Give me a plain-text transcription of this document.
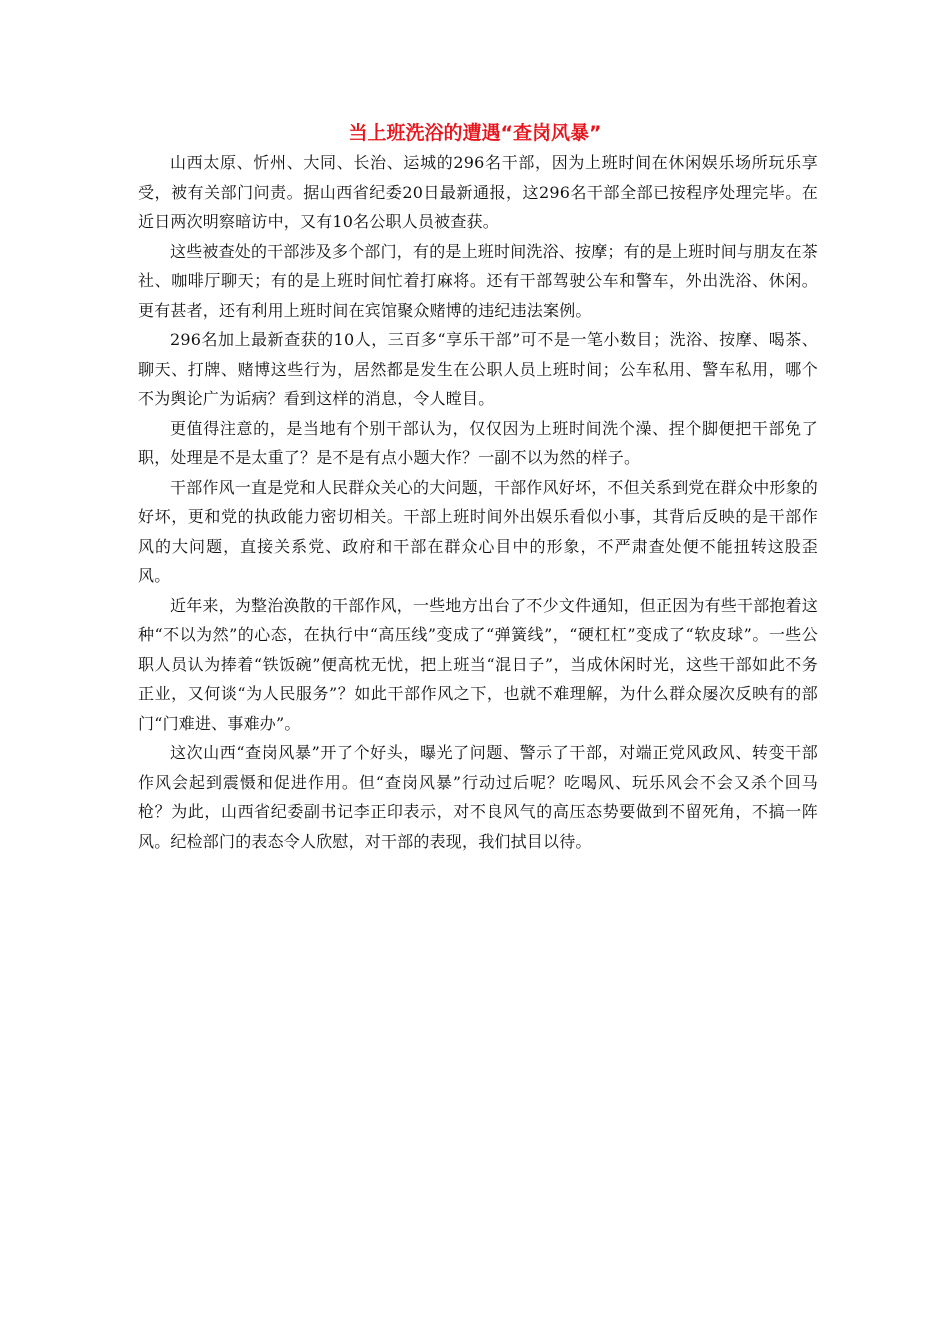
当上班洗浴的遭遇“查岗风暴”

山西太原、忻州、大同、长治、运城的296名干部，因为上班时间在休闲娱乐场所玩乐享受，被有关部门问责。据山西省纪委20日最新通报，这296名干部全部已按程序处理完毕。在近日两次明察暗访中，又有10名公职人员被查获。

这些被查处的干部涉及多个部门，有的是上班时间洗浴、按摩；有的是上班时间与朋友在茶社、咖啡厅聊天；有的是上班时间忙着打麻将。还有干部驾驶公车和警车，外出洗浴、休闲。更有甚者，还有利用上班时间在宾馆聚众赌博的违纪违法案例。

296名加上最新查获的10人，三百多“享乐干部”可不是一笔小数目；洗浴、按摩、喝茶、聊天、打牌、赌博这些行为，居然都是发生在公职人员上班时间；公车私用、警车私用，哪个不为舆论广为诟病？看到这样的消息，令人瞠目。

更值得注意的，是当地有个别干部认为，仅仅因为上班时间洗个澡、捏个脚便把干部免了职，处理是不是太重了？是不是有点小题大作？一副不以为然的样子。

干部作风一直是党和人民群众关心的大问题，干部作风好坏，不但关系到党在群众中形象的好坏，更和党的执政能力密切相关。干部上班时间外出娱乐看似小事，其背后反映的是干部作风的大问题，直接关系党、政府和干部在群众心目中的形象，不严肃查处便不能扭转这股歪风。

近年来，为整治涣散的干部作风，一些地方出台了不少文件通知，但正因为有些干部抱着这种“不以为然”的心态，在执行中“高压线”变成了“弹簧线”，“硬杠杠”变成了“软皮球”。一些公职人员认为捧着“铁饭碗”便高枕无忧，把上班当“混日子”，当成休闲时光，这些干部如此不务正业，又何谈“为人民服务”？如此干部作风之下，也就不难理解，为什么群众屡次反映有的部门“门难进、事难办”。

这次山西“查岗风暴”开了个好头，曝光了问题、警示了干部，对端正党风政风、转变干部作风会起到震慑和促进作用。但“查岗风暴”行动过后呢？吃喝风、玩乐风会不会又杀个回马枪？为此，山西省纪委副书记李正印表示，对不良风气的高压态势要做到不留死角，不搞一阵风。纪检部门的表态令人欣慰，对干部的表现，我们拭目以待。
